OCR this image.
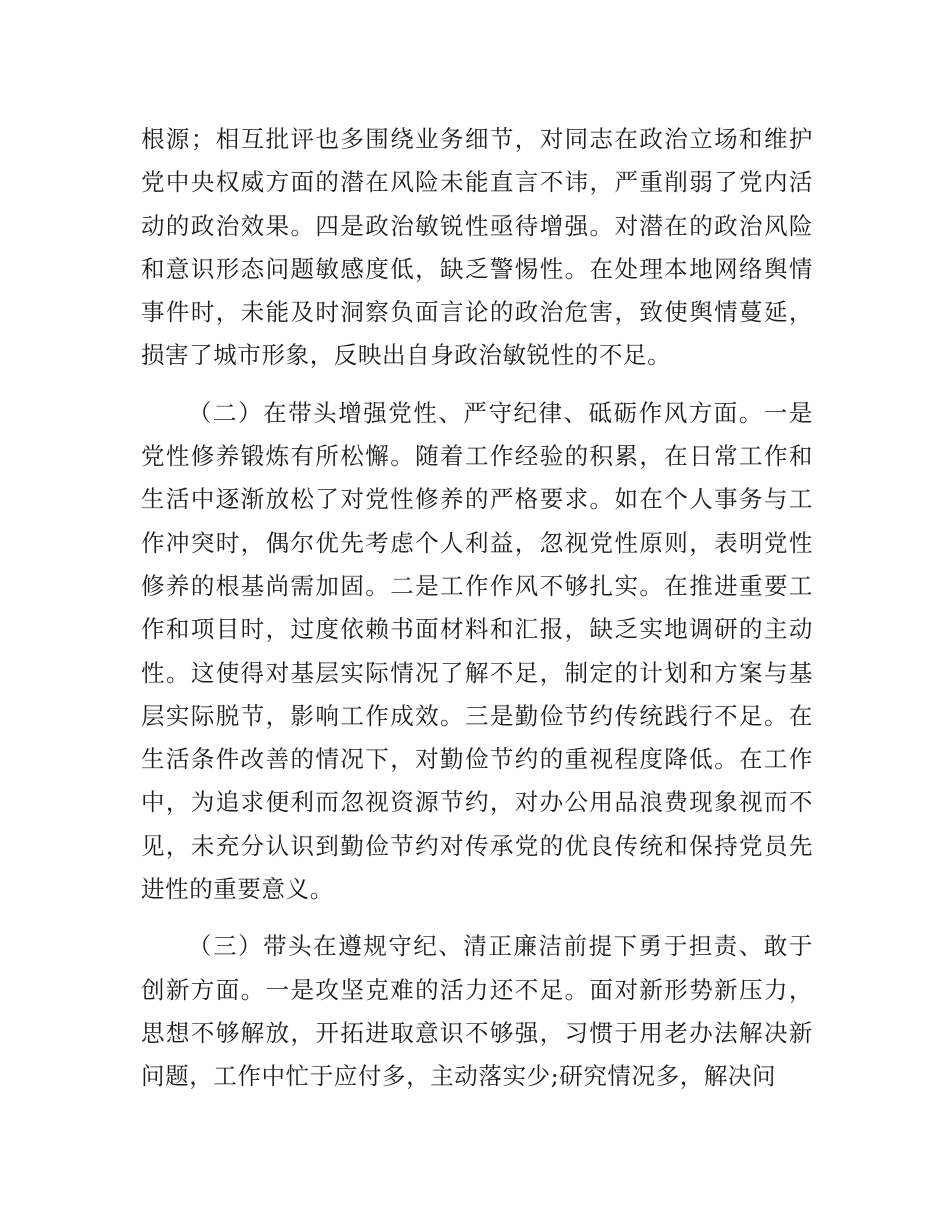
根源；相互批评也多围绕业务细节，对同志在政治立场和维护党中央权威方面的潜在风险未能直言不讳，严重削弱了党内活动的政治效果。四是政治敏锐性亟待增强。对潜在的政治风险和意识形态问题敏感度低，缺乏警惕性。在处理本地网络舆情事件时，未能及时洞察负面言论的政治危害，致使舆情蔓延，损害了城市形象，反映出自身政治敏锐性的不足。

（二）在带头增强党性、严守纪律、砥砺作风方面。一是党性修养锻炼有所松懈。随着工作经验的积累，在日常工作和生活中逐渐放松了对党性修养的严格要求。如在个人事务与工作冲突时，偶尔优先考虑个人利益，忽视党性原则，表明党性修养的根基尚需加固。二是工作作风不够扎实。在推进重要工作和项目时，过度依赖书面材料和汇报，缺乏实地调研的主动性。这使得对基层实际情况了解不足，制定的计划和方案与基层实际脱节，影响工作成效。三是勤俭节约传统践行不足。在生活条件改善的情况下，对勤俭节约的重视程度降低。在工作中，为追求便利而忽视资源节约，对办公用品浪费现象视而不见，未充分认识到勤俭节约对传承党的优良传统和保持党员先进性的重要意义。

（三）带头在遵规守纪、清正廉洁前提下勇于担责、敢于创新方面。一是攻坚克难的活力还不足。面对新形势新压力，思想不够解放，开拓进取意识不够强，习惯于用老办法解决新问题，工作中忙于应付多，主动落实少;研究情况多，解决问
